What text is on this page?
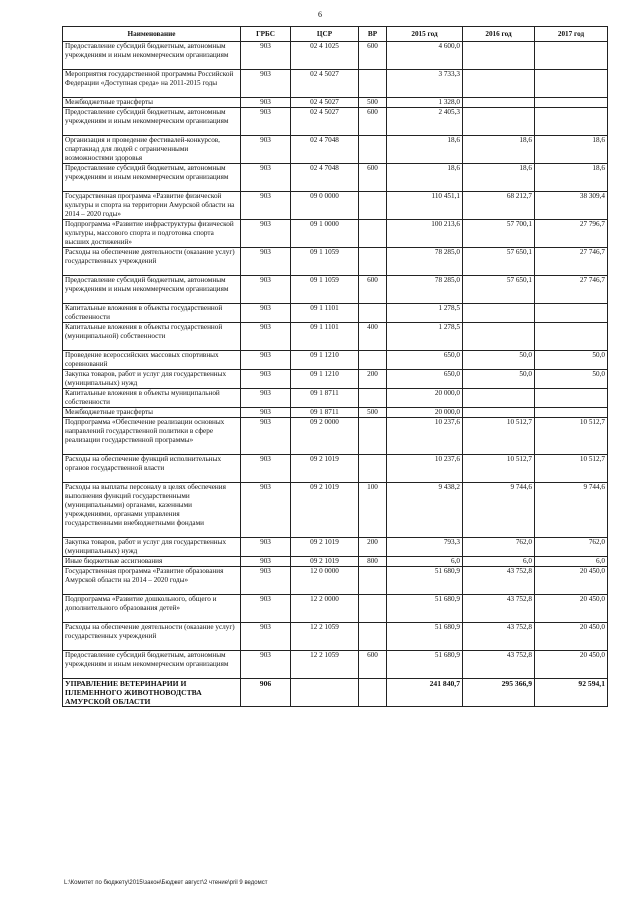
6
Наименование	ГРБС	ЦСР	ВР	2015 год	2016 год	2017 год
Предоставление субсидий бюджетным, автономным учреждениям и иным некоммерческим организациям	903	02 4 1025	600	4 600,0		
Мероприятия государственной программы Российской Федерации «Доступная среда» на 2011-2015 годы	903	02 4 5027		3 733,3		
Межбюджетные трансферты	903	02 4 5027	500	1 328,0		
Предоставление субсидий бюджетным, автономным учреждениям и иным некоммерческим организациям	903	02 4 5027	600	2 405,3		
Организация и проведение фестивалей-конкурсов, спартакиад для людей с ограниченными возможностями здоровья	903	02 4 7048		18,6	18,6	18,6
Предоставление субсидий бюджетным, автономным учреждениям и иным некоммерческим организациям	903	02 4 7048	600	18,6	18,6	18,6
Государственная программа «Развитие физической культуры и спорта на территории Амурской области на 2014 – 2020 годы»	903	09 0 0000		110 451,1	68 212,7	38 309,4
Подпрограмма «Развитие инфраструктуры физической культуры, массового спорта и подготовка спорта высших достижений»	903	09 1 0000		100 213,6	57 700,1	27 796,7
Расходы на обеспечение деятельности (оказание услуг) государственных учреждений	903	09 1 1059		78 285,0	57 650,1	27 746,7
Предоставление субсидий бюджетным, автономным учреждениям и иным некоммерческим организациям	903	09 1 1059	600	78 285,0	57 650,1	27 746,7
Капитальные вложения в объекты государственной собственности	903	09 1 1101		1 278,5		
Капитальные вложения в объекты государственной (муниципальной) собственности	903	09 1 1101	400	1 278,5		
Проведение всероссийских массовых спортивных соревнований	903	09 1 1210		650,0	50,0	50,0
Закупка товаров, работ и услуг для государственных (муниципальных) нужд	903	09 1 1210	200	650,0	50,0	50,0
Капитальные вложения в объекты муниципальной собственности	903	09 1 8711		20 000,0		
Межбюджетные трансферты	903	09 1 8711	500	20 000,0		
Подпрограмма «Обеспечение реализации основных направлений государственной политики в сфере реализации государственной программы»	903	09 2 0000		10 237,6	10 512,7	10 512,7
Расходы на обеспечение функций исполнительных органов государственной власти	903	09 2 1019		10 237,6	10 512,7	10 512,7
Расходы на выплаты персоналу в целях обеспечения выполнения функций государственными (муниципальными) органами, казенными учреждениями, органами управления государственными внебюджетными фондами	903	09 2 1019	100	9 438,2	9 744,6	9 744,6
Закупка товаров, работ и услуг для государственных (муниципальных) нужд	903	09 2 1019	200	793,3	762,0	762,0
Иные бюджетные ассигнования	903	09 2 1019	800	6,0	6,0	6,0
Государственная программа «Развитие образования Амурской области на 2014 – 2020 годы»	903	12 0 0000		51 680,9	43 752,8	20 450,0
Подпрограмма «Развитие дошкольного, общего и дополнительного образования детей»	903	12 2 0000		51 680,9	43 752,8	20 450,0
Расходы на обеспечение деятельности (оказание услуг) государственных учреждений	903	12 2 1059		51 680,9	43 752,8	20 450,0
Предоставление субсидий бюджетным, автономным учреждениям и иным некоммерческим организациям	903	12 2 1059	600	51 680,9	43 752,8	20 450,0
УПРАВЛЕНИЕ ВЕТЕРИНАРИИ И ПЛЕМЕННОГО ЖИВОТНОВОДСТВА АМУРСКОЙ ОБЛАСТИ	906			241 840,7	295 366,9	92 594,1
L:\Комитет по бюджету\2015\закон\Бюджет август\2 чтение\рril 9 ведомст
